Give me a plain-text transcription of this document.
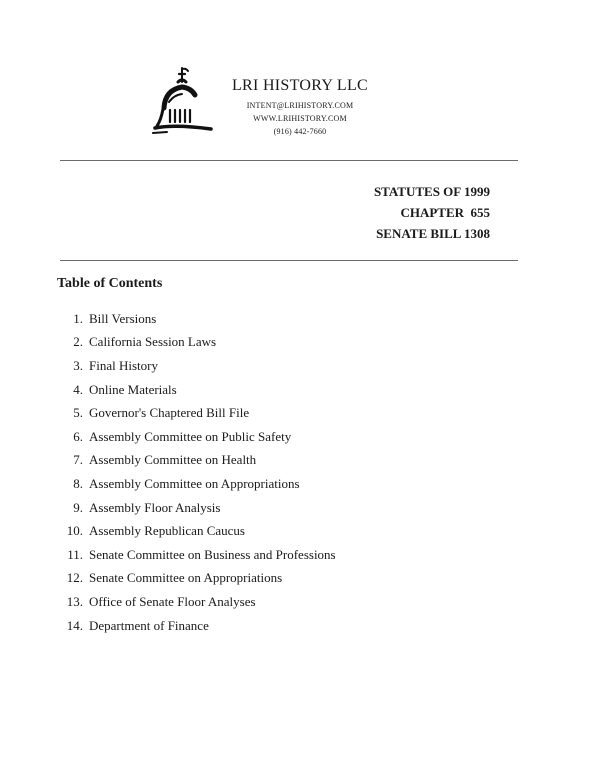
LRI HISTORY LLC
INTENT@LRIHISTORY.COM
WWW.LRIHISTORY.COM
(916) 442-7660
STATUTES OF 1999
CHAPTER  655
SENATE BILL 1308
Table of Contents
1. Bill Versions
2. California Session Laws
3. Final History
4. Online Materials
5. Governor's Chaptered Bill File
6. Assembly Committee on Public Safety
7. Assembly Committee on Health
8. Assembly Committee on Appropriations
9. Assembly Floor Analysis
10. Assembly Republican Caucus
11. Senate Committee on Business and Professions
12. Senate Committee on Appropriations
13. Office of Senate Floor Analyses
14. Department of Finance
